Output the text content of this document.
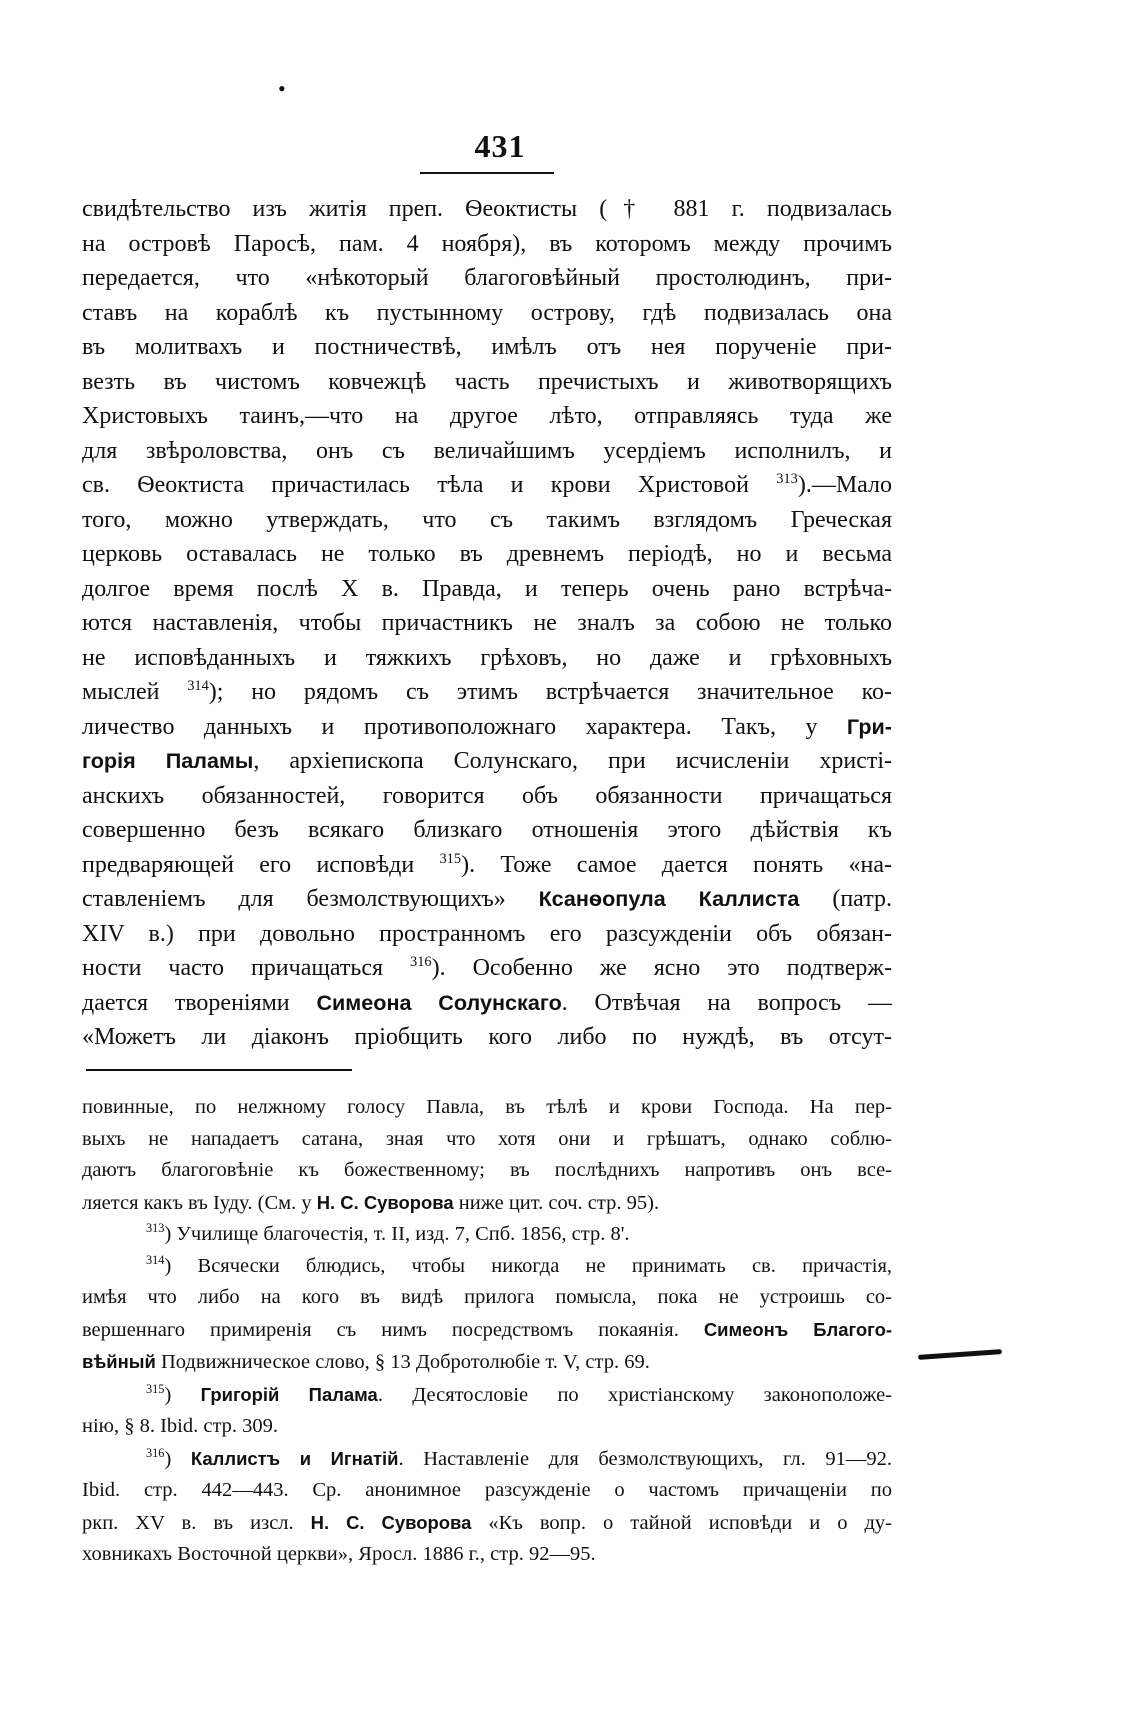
•
431
свидѣтельство изъ житія преп. Ѳеоктисты († 881 г. подвизалась
на островѣ Паросѣ, пам. 4 ноября), въ которомъ между прочимъ
передается, что «нѣкоторый благоговѣйный простолюдинъ, при-
ставъ на кораблѣ къ пустынному острову, гдѣ подвизалась она
въ молитвахъ и постничествѣ, имѣлъ отъ нея порученіе при-
везть въ чистомъ ковчежцѣ часть пречистыхъ и животворящихъ
Христовыхъ таинъ,—что на другое лѣто, отправляясь туда же
для звѣроловства, онъ съ величайшимъ усердіемъ исполнилъ, и
св. Ѳеоктиста причастилась тѣла и крови Христовой $^{313}$).—Мало
того, можно утверждать, что съ такимъ взглядомъ Греческая
церковь оставалась не только въ древнемъ періодѣ, но и весьма
долгое время послѣ X в. Правда, и теперь очень рано встрѣча-
ются наставленія, чтобы причастникъ не зналъ за собою не только
не исповѣданныхъ и тяжкихъ грѣховъ, но даже и грѣховныхъ
мыслей $^{314}$); но рядомъ съ этимъ встрѣчается значительное ко-
личество данныхъ и противоположнаго характера. Такъ, у Гри-
горія Паламы, архіепископа Солунскаго, при исчисленіи христі-
анскихъ обязанностей, говорится объ обязанности причащаться
совершенно безъ всякаго близкаго отношенія этого дѣйствія къ
предваряющей его исповѣди $^{315}$). Тоже самое дается понять «на-
ставленіемъ для безмолствующихъ» Ксанѳопула Каллиста (патр.
XIV в.) при довольно пространномъ его разсужденіи объ обязан-
ности часто причащаться $^{316}$). Особенно же ясно это подтверж-
дается твореніями Симеона Солунскаго. Отвѣчая на вопросъ —
«Можетъ ли діаконъ пріобщить кого либо по нуждѣ, въ отсут-
повинные, по нелжному голосу Павла, въ тѣлѣ и крови Господа. На пер-
выхъ не нападаетъ сатана, зная что хотя они и грѣшатъ, однако соблю-
даютъ благоговѣніе къ божественному; въ послѣднихъ напротивъ онъ все-
ляется какъ въ Іуду. (См. у Н. С. Суворова ниже цит. соч. стр. 95).
$^{313}$) Училище благочестія, т. II, изд. 7, Спб. 1856, стр. 8'.
$^{314}$) Всячески блюдись, чтобы никогда не принимать св. причастія,
имѣя что либо на кого въ видѣ прилога помысла, пока не устроишь со-
вершеннаго примиренія съ нимъ посредствомъ покаянія. Симеонъ Благого-
вѣйный Подвижническое слово, § 13 Добротолюбіе т. V, стр. 69.
$^{315}$) Григорій Палама. Десятословіе по христіанскому законоположе-
нію, § 8. Ibid. стр. 309.
$^{316}$) Каллистъ и Игнатій. Наставленіе для безмолствующихъ, гл. 91—92.
Ibid. стр. 442—443. Ср. анонимное разсужденіе о частомъ причащеніи по
ркп. XV в. въ изсл. Н. С. Суворова «Къ вопр. о тайной исповѣди и о ду-
ховникахъ Восточной церкви», Яросл. 1886 г., стр. 92—95.
